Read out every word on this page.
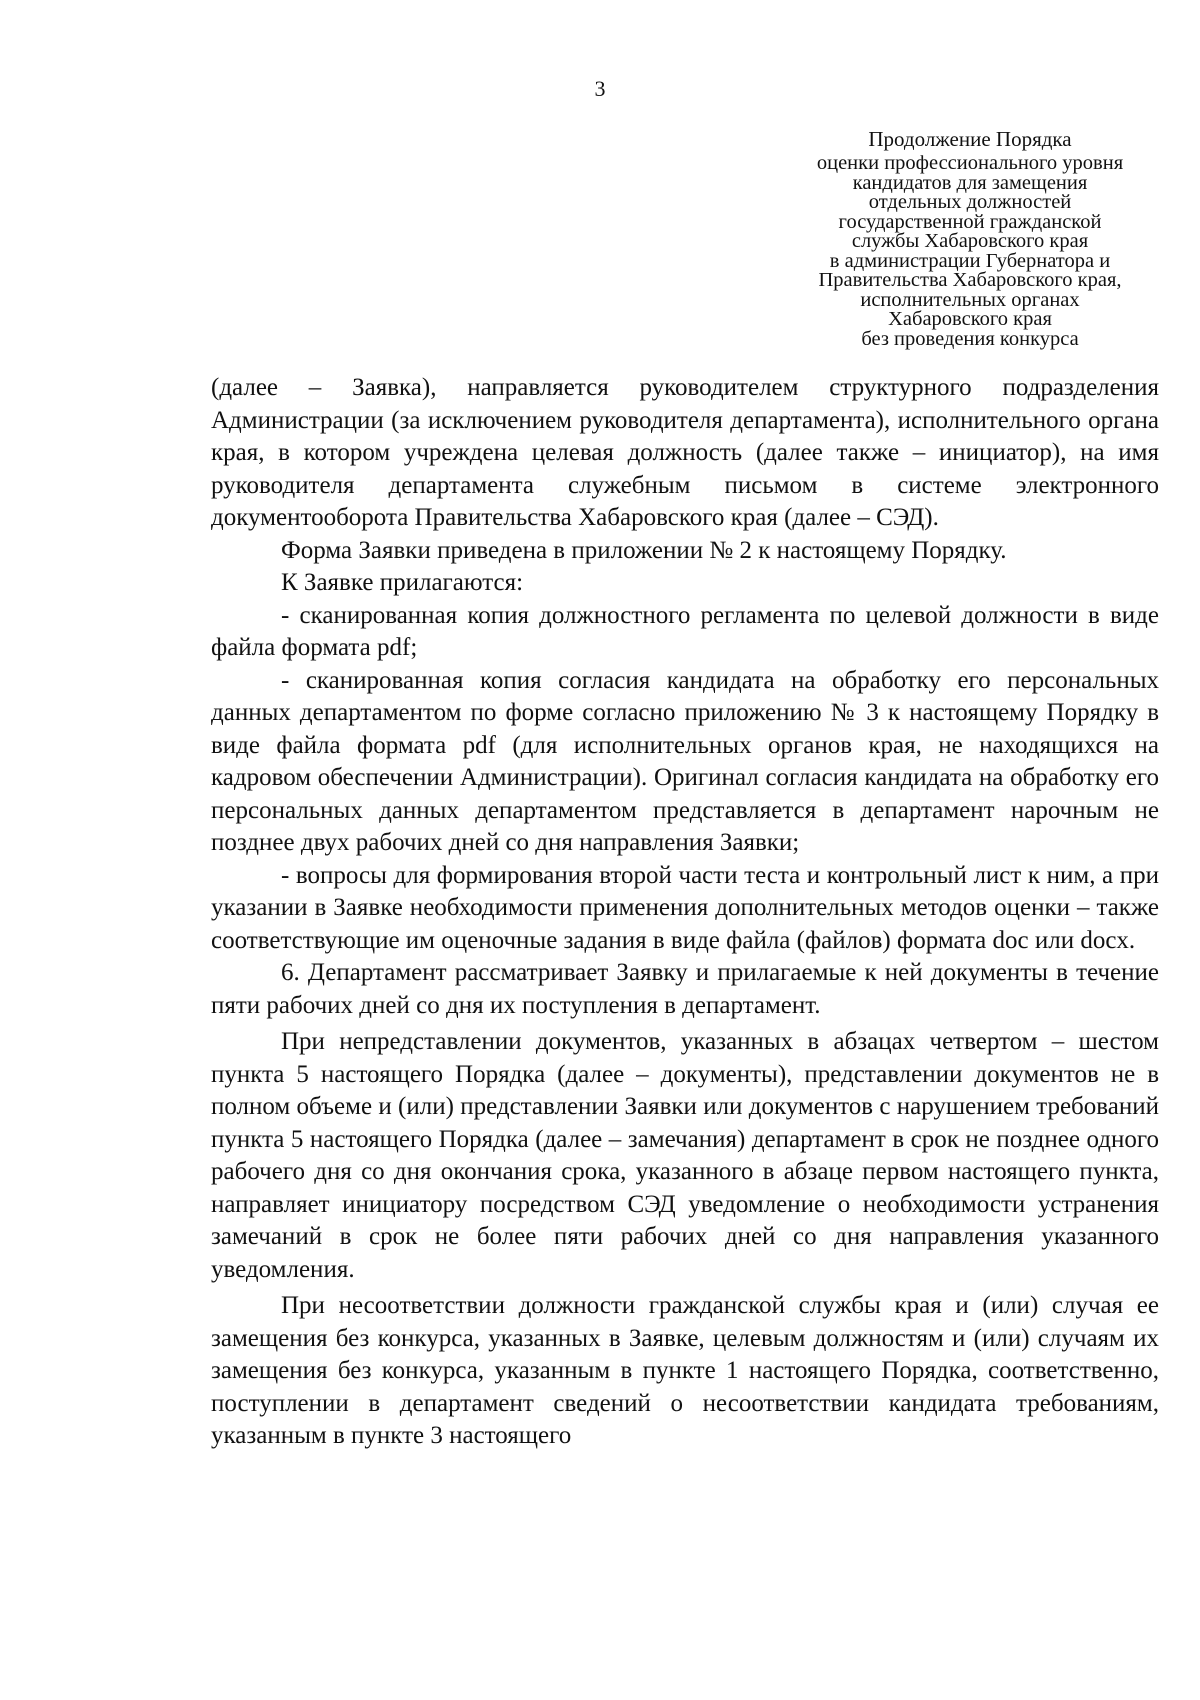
3
Продолжение Порядка
оценки профессионального уровня
кандидатов для замещения
отдельных должностей
государственной гражданской
службы Хабаровского края
в администрации Губернатора и
Правительства Хабаровского края,
исполнительных органах
Хабаровского края
без проведения конкурса

(далее – Заявка), направляется руководителем структурного подразделения Администрации (за исключением руководителя департамента), исполнительного органа края, в котором учреждена целевая должность (далее также – инициатор), на имя руководителя департамента служебным письмом в системе электронного документооборота Правительства Хабаровского края (далее – СЭД).

Форма Заявки приведена в приложении № 2 к настоящему Порядку.

К Заявке прилагаются:

- сканированная копия должностного регламента по целевой должности в виде файла формата pdf;

- сканированная копия согласия кандидата на обработку его персональных данных департаментом по форме согласно приложению № 3 к настоящему Порядку в виде файла формата pdf (для исполнительных органов края, не находящихся на кадровом обеспечении Администрации). Оригинал согласия кандидата на обработку его персональных данных департаментом представляется в департамент нарочным не позднее двух рабочих дней со дня направления Заявки;

- вопросы для формирования второй части теста и контрольный лист к ним, а при указании в Заявке необходимости применения дополнительных методов оценки – также соответствующие им оценочные задания в виде файла (файлов) формата doc или docx.

6. Департамент рассматривает Заявку и прилагаемые к ней документы в течение пяти рабочих дней со дня их поступления в департамент.

При непредставлении документов, указанных в абзацах четвертом – шестом пункта 5 настоящего Порядка (далее – документы), представлении документов не в полном объеме и (или) представлении Заявки или документов с нарушением требований пункта 5 настоящего Порядка (далее – замечания) департамент в срок не позднее одного рабочего дня со дня окончания срока, указанного в абзаце первом настоящего пункта, направляет инициатору посредством СЭД уведомление о необходимости устранения замечаний в срок не более пяти рабочих дней со дня направления указанного уведомления.

При несоответствии должности гражданской службы края и (или) случая ее замещения без конкурса, указанных в Заявке, целевым должностям и (или) случаям их замещения без конкурса, указанным в пункте 1 настоящего Порядка, соответственно, поступлении в департамент сведений о несоответствии кандидата требованиям, указанным в пункте 3 настоящего
